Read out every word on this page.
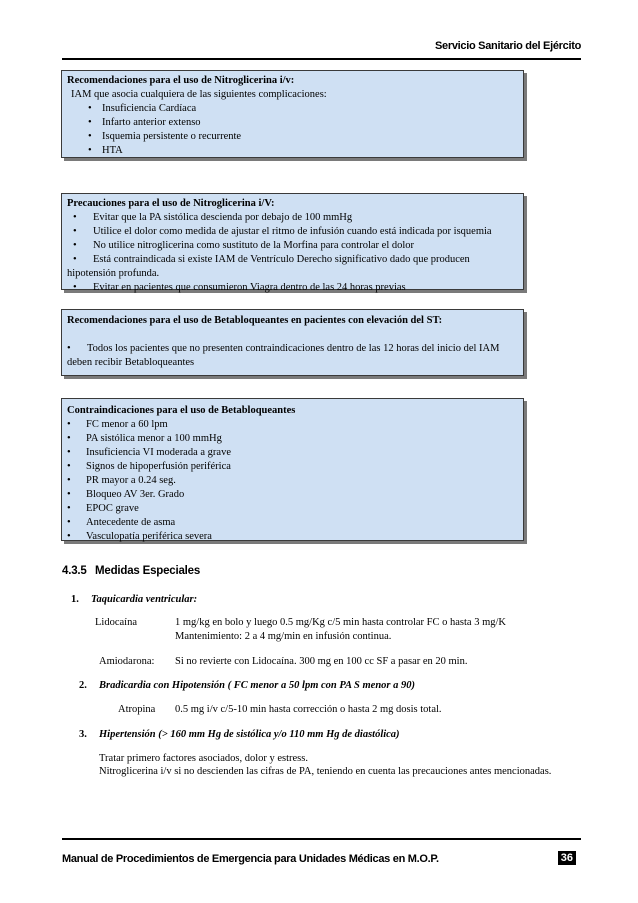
Servicio Sanitario del Ejército
Recomendaciones para el uso de Nitroglicerina i/v:
IAM que asocia cualquiera de las siguientes complicaciones:
• Insuficiencia Cardíaca
• Infarto anterior extenso
• Isquemia persistente o recurrente
• HTA
Precauciones para el uso de Nitroglicerina i/V:
• Evitar que la PA sistólica descienda por debajo de 100 mmHg
• Utilice el dolor como medida de ajustar el ritmo de infusión cuando está indicada por isquemia
• No utilice nitroglicerina como sustituto de la Morfina para controlar el dolor
• Está contraindicada si existe IAM de Ventrículo Derecho significativo dado que producen
hipotensión profunda.
• Evitar en pacientes que consumieron Viagra dentro de las 24 horas previas
Recomendaciones para el uso de Betabloqueantes en pacientes con elevación del ST:
• Todos los pacientes que no presenten contraindicaciones dentro de las 12 horas del inicio del IAM
deben recibir Betabloqueantes
Contraindicaciones para el uso de Betabloqueantes
• FC menor a 60 lpm
• PA sistólica menor a 100 mmHg
• Insuficiencia VI moderada a grave
• Signos de hipoperfusión periférica
• PR mayor a 0.24 seg.
• Bloqueo AV 3er. Grado
• EPOC grave
• Antecedente de asma
• Vasculopatía periférica severa
4.3.5 Medidas Especiales
1. Taquicardia ventricular:
Lidocaína	1 mg/kg en bolo y luego 0.5 mg/Kg c/5 min hasta controlar FC o hasta 3 mg/K
Mantenimiento: 2 a 4 mg/min en infusión continua.
Amiodarona: Si no revierte con Lidocaína. 300 mg en 100 cc SF a pasar en 20 min.
2. Bradicardia con Hipotensión ( FC menor a 50 lpm con PA S menor a 90)
Atropina 0.5 mg i/v c/5-10 min hasta corrección o hasta 2 mg dosis total.
3. Hipertensión (> 160 mm Hg de sistólica y/o 110 mm Hg de diastólica)
Tratar primero factores asociados, dolor y estress.
Nitroglicerina i/v si no descienden las cifras de PA, teniendo en cuenta las precauciones antes mencionadas.
Manual de Procedimientos de Emergencia para Unidades Médicas en M.O.P.	36
